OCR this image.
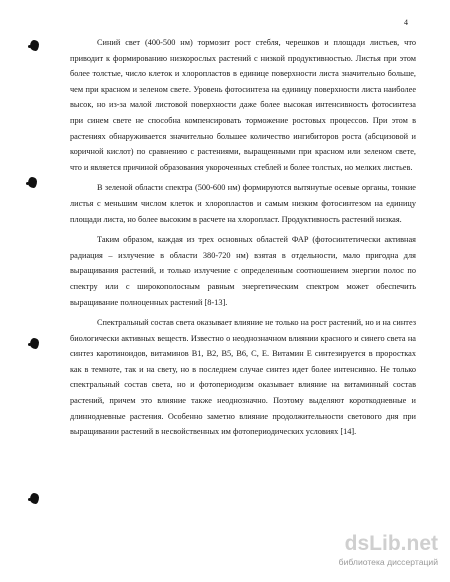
4

Синий свет (400-500 нм) тормозит рост стебля, черешков и площади листьев, что приводит к формированию низкорослых растений с низкой продуктивностью. Листья при этом более толстые, число клеток и хлоропластов в единице поверхности листа значительно больше, чем при красном и зеленом свете. Уровень фотосинтеза на единицу поверхности листа наиболее высок, но из-за малой листовой поверхности даже более высокая интенсивность фотосинтеза при синем свете не способна компенсировать торможение ростовых процессов. При этом в растениях обнаруживается значительно большее количество ингибиторов роста (абсцизовой и коричной кислот) по сравнению с растениями, выращенными при красном или зеленом свете, что и является причиной образования укороченных стеблей и более толстых, но мелких листьев.

В зеленой области спектра (500-600 нм) формируются вытянутые осевые органы, тонкие листья с меньшим числом клеток и хлоропластов и самым низким фотосинтезом на единицу площади листа, но более высоким в расчете на хлоропласт. Продуктивность растений низкая.

Таким образом, каждая из трех основных областей ФАР (фотосинтетически активная радиация – излучение в области 380-720 нм) взятая в отдельности, мало пригодна для выращивания растений, и только излучение с определенным соотношением энергии полос по спектру или с широкополосным равным энергетическим спектром может обеспечить выращивание полноценных растений [8-13].

Спектральный состав света оказывает влияние не только на рост растений, но и на синтез биологически активных веществ. Известно о неоднозначном влиянии красного и синего света на синтез каротиноидов, витаминов B1, B2, B5, B6, С, Е. Витамин Е синтезируется в проростках как в темноте, так и на свету, но в последнем случае синтез идет более интенсивно. Не только спектральный состав света, но и фотопериодизм оказывает влияние на витаминный состав растений, причем это влияние также неоднозначно. Поэтому выделяют короткодневные и длиннодневные растения. Особенно заметно влияние продолжительности светового дня при выращивании растений в несвойственных им фотопериодических условиях [14].

dsLib.net
библиотека диссертаций
